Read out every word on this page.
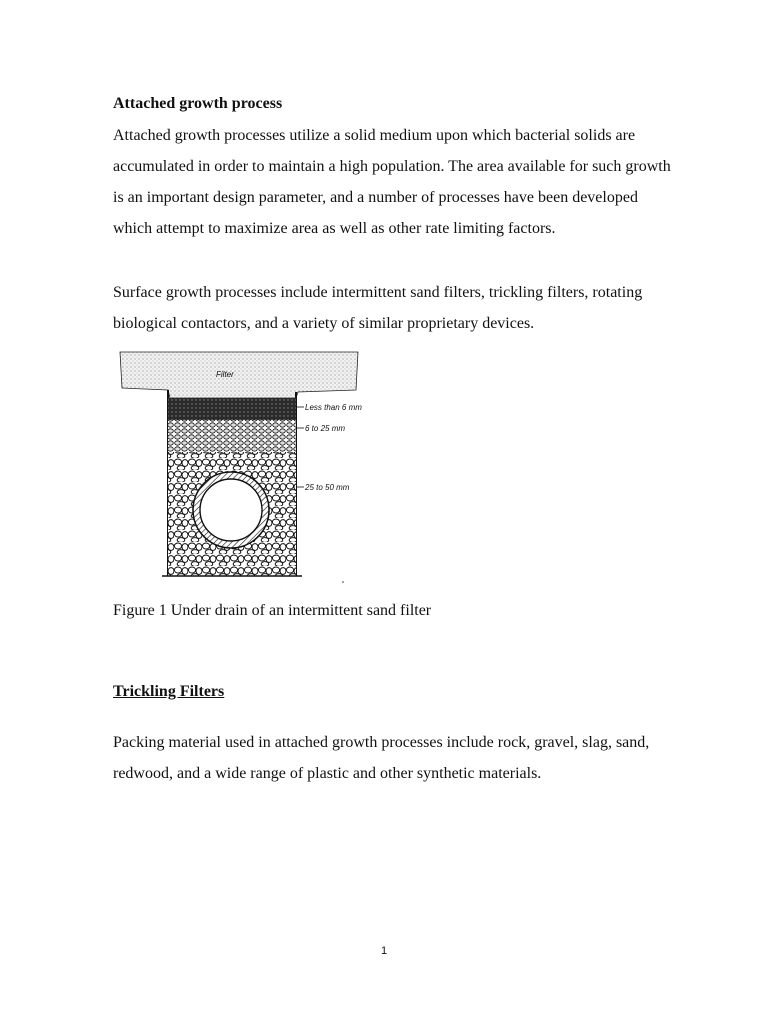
Attached growth process

Attached growth processes utilize a solid medium upon which bacterial solids are accumulated in order to maintain a high population. The area available for such growth is an important design parameter, and a number of processes have been developed which attempt to maximize area as well as other rate limiting factors.

Surface growth processes include intermittent sand filters, trickling filters, rotating biological contactors, and a variety of similar proprietary devices.

Filter
Less than 6 mm
6 to 25 mm
25 to 50 mm

Figure 1 Under drain of an intermittent sand filter

Trickling Filters

Packing material used in attached growth processes include rock, gravel, slag, sand, redwood, and a wide range of plastic and other synthetic materials.

1
